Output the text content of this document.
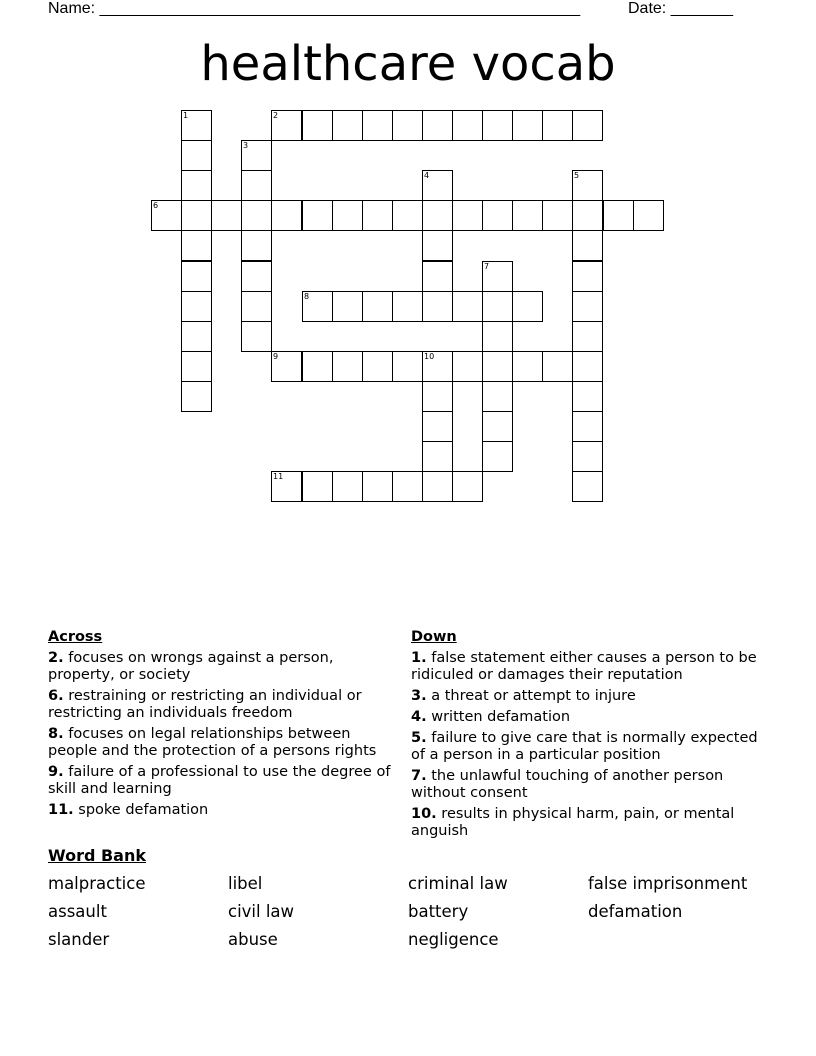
Name: ______________________________________________________	Date: _______
healthcare vocab
1	2
3
4	5
6
7
8
9	10
11
Across
2. focuses on wrongs against a person, property, or society
6. restraining or restricting an individual or restricting an individuals freedom
8. focuses on legal relationships between people and the protection of a persons rights
9. failure of a professional to use the degree of skill and learning
11. spoke defamation
Down
1. false statement either causes a person to be ridiculed or damages their reputation
3. a threat or attempt to injure
4. written defamation
5. failure to give care that is normally expected of a person in a particular position
7. the unlawful touching of another person without consent
10. results in physical harm, pain, or mental anguish
Word Bank
malpractice	libel	criminal law	false imprisonment
assault	civil law	battery	defamation
slander	abuse	negligence
